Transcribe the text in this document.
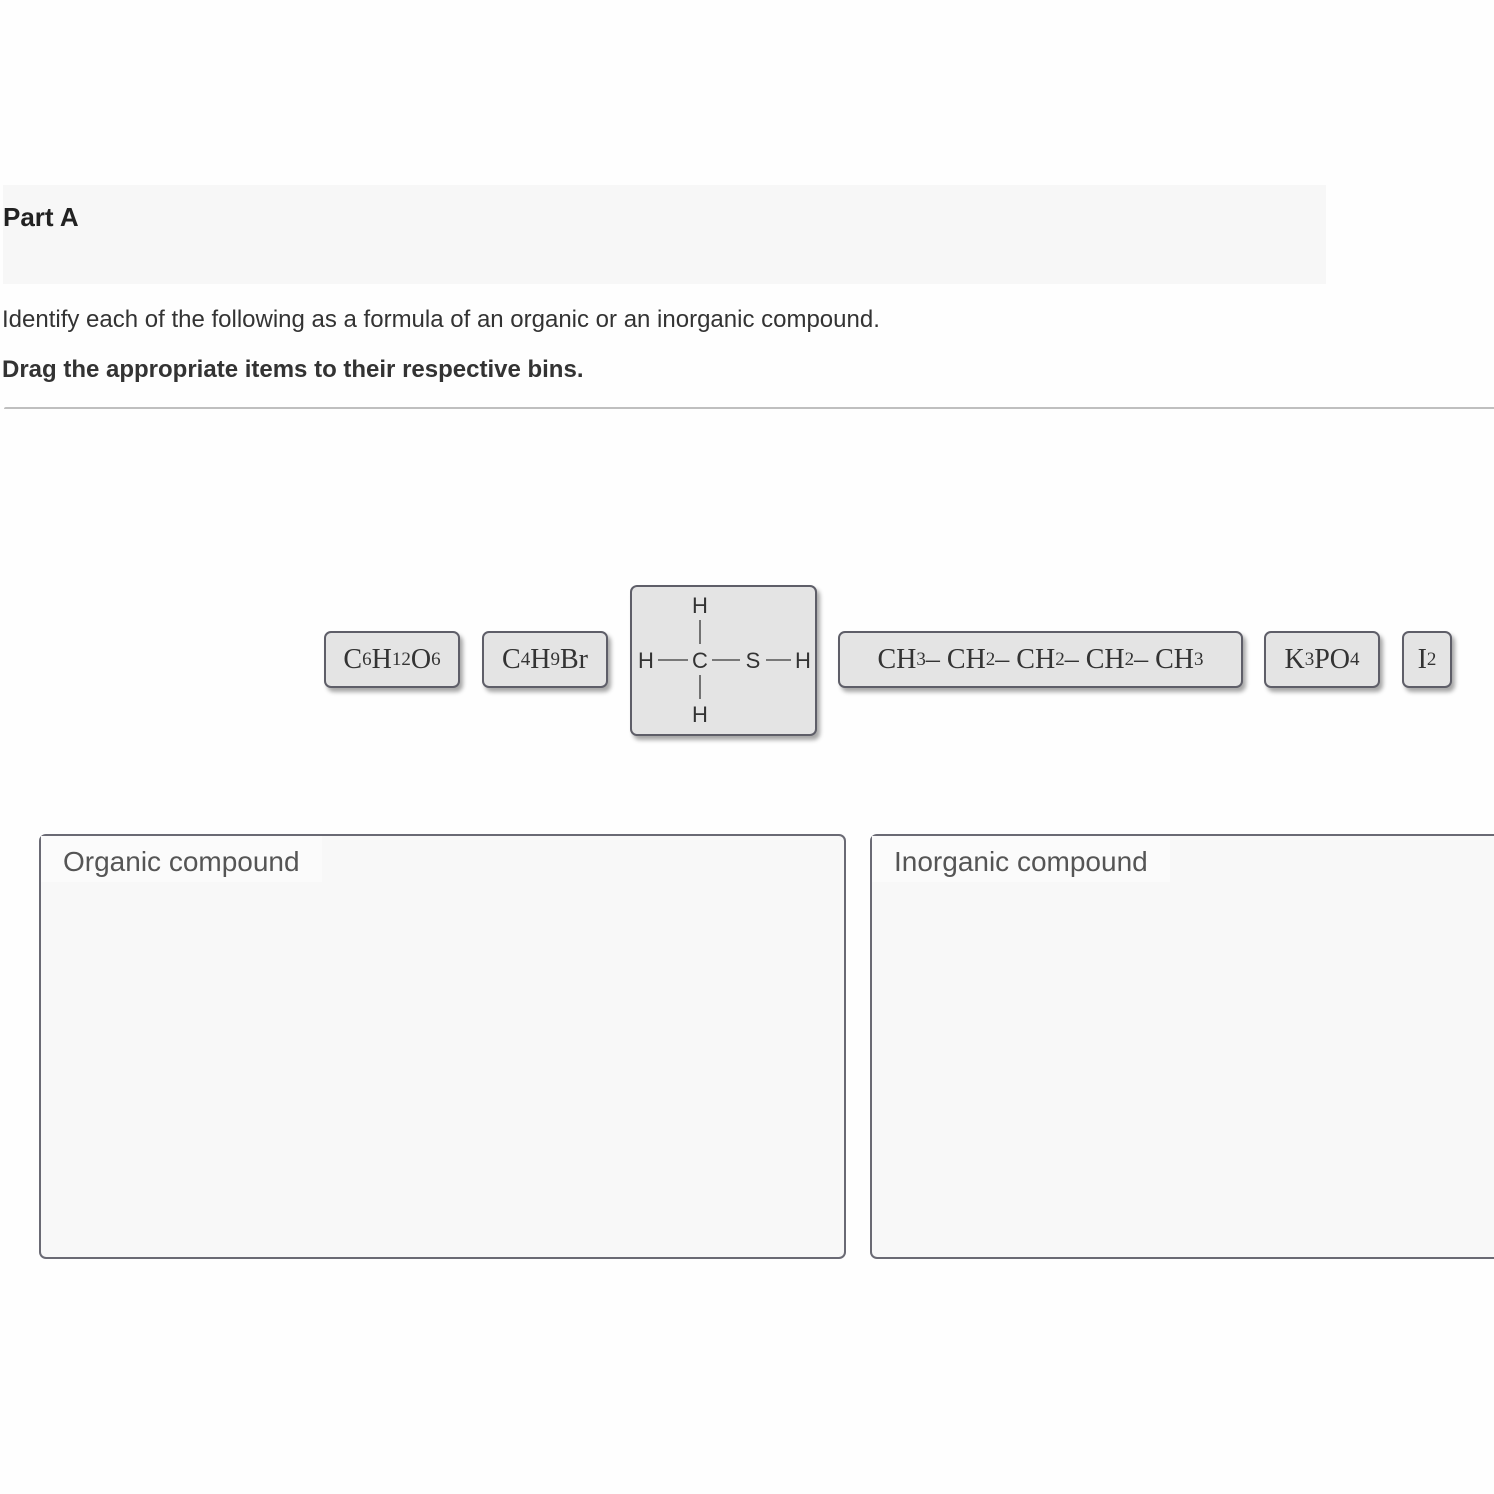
Part A
Identify each of the following as a formula of an organic or an inorganic compound.
Drag the appropriate items to their respective bins.
C 6 H 12 O 6 C 4 H 9 Br
H
H C S H
H
CH 3 – CH 2 – CH 2 – CH 2 – CH 3	K 3 PO 4 I 2
Organic compound	Inorganic compound
